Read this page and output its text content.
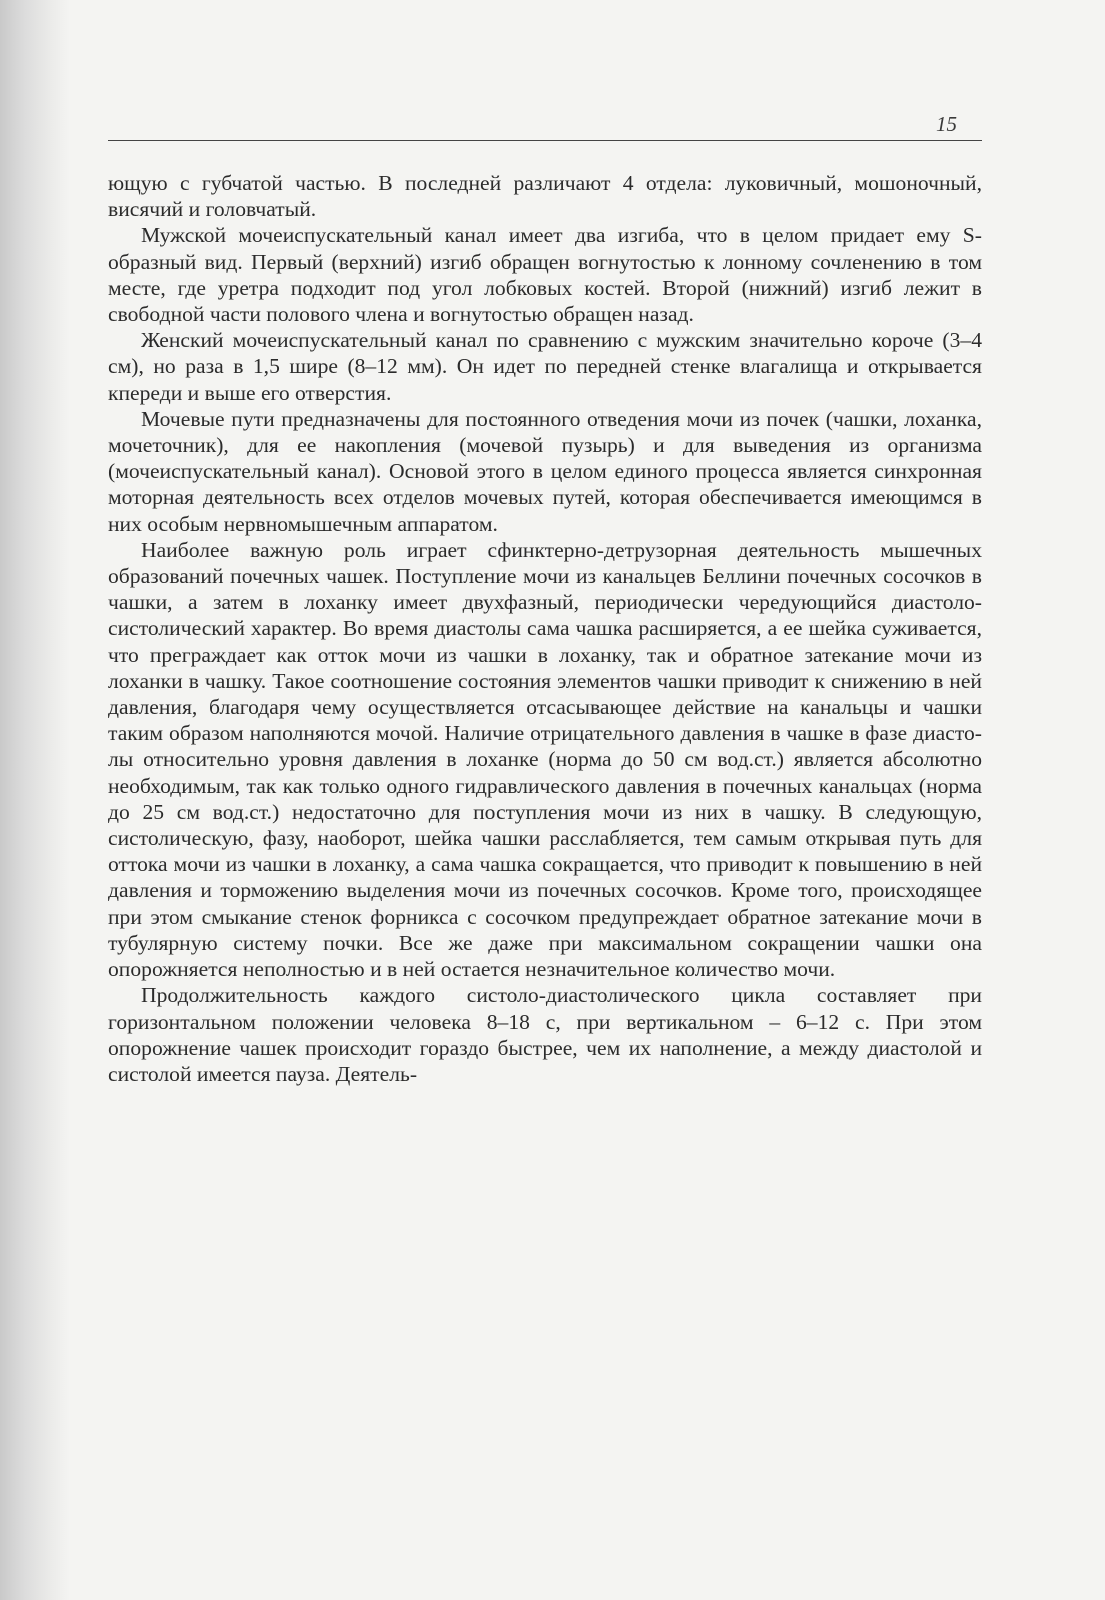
15

ющую с губчатой частью. В последней различают 4 отдела: луковичный, мошоночный, висячий и головчатый.

Мужской мочеиспускательный канал имеет два изгиба, что в целом придает ему S-образный вид. Первый (верхний) изгиб обращен вогнутостью к лонному сочленению в том месте, где уретра подходит под угол лобковых костей. Второй (нижний) изгиб лежит в свободной части полового члена и вогнутостью обращен назад.

Женский мочеиспускательный канал по сравнению с мужским значительно короче (3–4 см), но раза в 1,5 шире (8–12 мм). Он идет по передней стенке влагалища и открывается кпереди и выше его отверстия.

Мочевые пути предназначены для постоянного отведения мочи из почек (чашки, лоханка, мочеточник), для ее накопления (мочевой пузырь) и для выведения из организма (мочеиспускательный канал). Основой этого в целом единого процесса является синхронная моторная деятельность всех отделов мочевых путей, которая обеспечивается имеющимся в них особым нервномышечным аппаратом.

Наиболее важную роль играет сфинктерно-детрузорная деятельность мышечных образований почечных чашек. Поступление мочи из канальцев Беллини почечных сосочков в чашки, а затем в лоханку имеет двухфазный, периодически чередующийся диастоло-систолический характер. Во время диастолы сама чашка расширяется, а ее шейка суживается, что преграждает как отток мочи из чашки в лоханку, так и обратное затекание мочи из лоханки в чашку. Такое соотношение состояния элементов чашки приводит к снижению в ней давления, благодаря чему осуществляется отсасывающее действие на канальцы и чашки таким образом наполняются мочой. Наличие отрицательного давления в чашке в фазе диастолы относительно уровня давления в лоханке (норма до 50 см вод.ст.) является абсолютно необходимым, так как только одного гидравлического давления в почечных канальцах (норма до 25 см вод.ст.) недостаточно для поступления мочи из них в чашку. В следующую, систолическую, фазу, наоборот, шейка чашки расслабляется, тем самым открывая путь для оттока мочи из чашки в лоханку, а сама чашка сокращается, что приводит к повышению в ней давления и торможению выделения мочи из почечных сосочков. Кроме того, происходящее при этом смыкание стенок форникса с сосочком предупреждает обратное затекание мочи в тубулярную систему почки. Все же даже при максимальном сокращении чашки она опорожняется неполностью и в ней остается незначительное количество мочи.

Продолжительность каждого систоло-диастолического цикла составляет при горизонтальном положении человека 8–18 с, при вертикальном – 6–12 с. При этом опорожнение чашек происходит гораздо быстрее, чем их наполнение, а между диастолой и систолой имеется пауза. Деятель-
